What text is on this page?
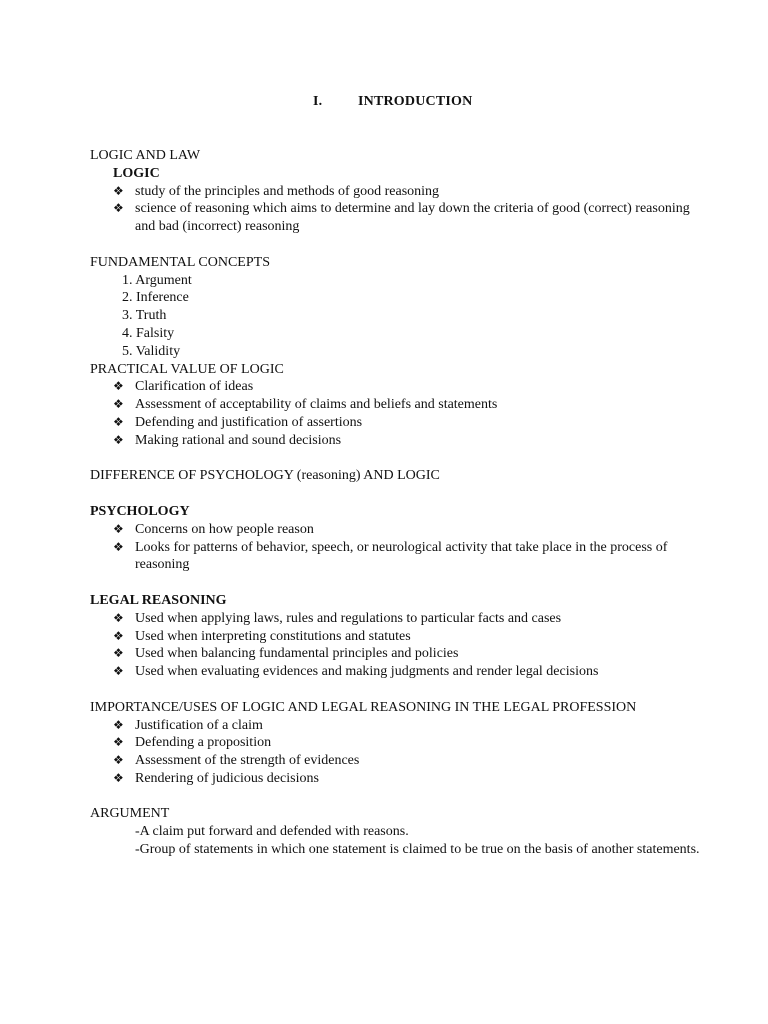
I.	INTRODUCTION
LOGIC AND LAW
LOGIC
❖ study of the principles and methods of good reasoning
❖ science of reasoning which aims to determine and lay down the criteria of good (correct) reasoning and bad (incorrect) reasoning
FUNDAMENTAL CONCEPTS
1. Argument
2. Inference
3. Truth
4. Falsity
5. Validity
PRACTICAL VALUE OF LOGIC
❖ Clarification of ideas
❖ Assessment of acceptability of claims and beliefs and statements
❖ Defending and justification of assertions
❖ Making rational and sound decisions
DIFFERENCE OF PSYCHOLOGY (reasoning) AND LOGIC
PSYCHOLOGY
❖ Concerns on how people reason
❖ Looks for patterns of behavior, speech, or neurological activity that take place in the process of reasoning
LEGAL REASONING
❖ Used when applying laws, rules and regulations to particular facts and cases
❖ Used when interpreting constitutions and statutes
❖ Used when balancing fundamental principles and policies
❖ Used when evaluating evidences and making judgments and render legal decisions
IMPORTANCE/USES OF LOGIC AND LEGAL REASONING IN THE LEGAL PROFESSION
❖ Justification of a claim
❖ Defending a proposition
❖ Assessment of the strength of evidences
❖ Rendering of judicious decisions
ARGUMENT
-A claim put forward and defended with reasons.
-Group of statements in which one statement is claimed to be true on the basis of another statements.
